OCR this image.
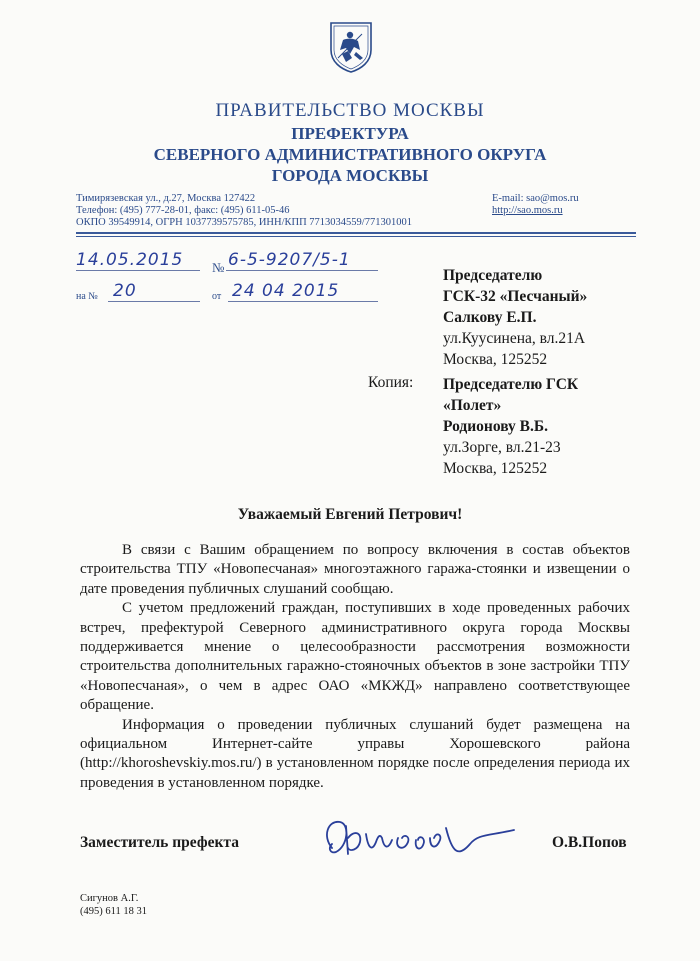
ПРАВИТЕЛЬСТВО МОСКВЫ
ПРЕФЕКТУРА
СЕВЕРНОГО АДМИНИСТРАТИВНОГО ОКРУГА
ГОРОДА МОСКВЫ
Тимирязевская ул., д.27, Москва 127422
Телефон: (495) 777-28-01, факс: (495) 611-05-46
ОКПО 39549914, ОГРН 1037739575785, ИНН/КПП 7713034559/771301001
E-mail: sao@mos.ru
http://sao.mos.ru
14.05.2015 № 6-5-9207/5-1
на № 20	от 24 04 2015
Председателю
ГСК-32 «Песчаный»
Салкову Е.П.
ул.Куусинена, вл.21А
Москва, 125252
Копия: Председателю ГСК
«Полет»
Родионову В.Б.
ул.Зорге, вл.21-23
Москва, 125252
Уважаемый Евгений Петрович!

В связи с Вашим обращением по вопросу включения в состав объектов строительства ТПУ «Новопесчаная» многоэтажного гаража-стоянки и извещении о дате проведения публичных слушаний сообщаю.

С учетом предложений граждан, поступивших в ходе проведенных рабочих встреч, префектурой Северного административного округа города Москвы поддерживается мнение о целесообразности рассмотрения возможности строительства дополнительных гаражно-стояночных объектов в зоне застройки ТПУ «Новопесчаная», о чем в адрес ОАО «МКЖД» направлено соответствующее обращение.

Информация о проведении публичных слушаний будет размещена на официальном Интернет-сайте управы Хорошевского района (http://khoroshevskiy.mos.ru/) в установленном порядке после определения периода их проведения в установленном порядке.

Заместитель префекта	О.В.Попов
Сигунов А.Г.
(495) 611 18 31
